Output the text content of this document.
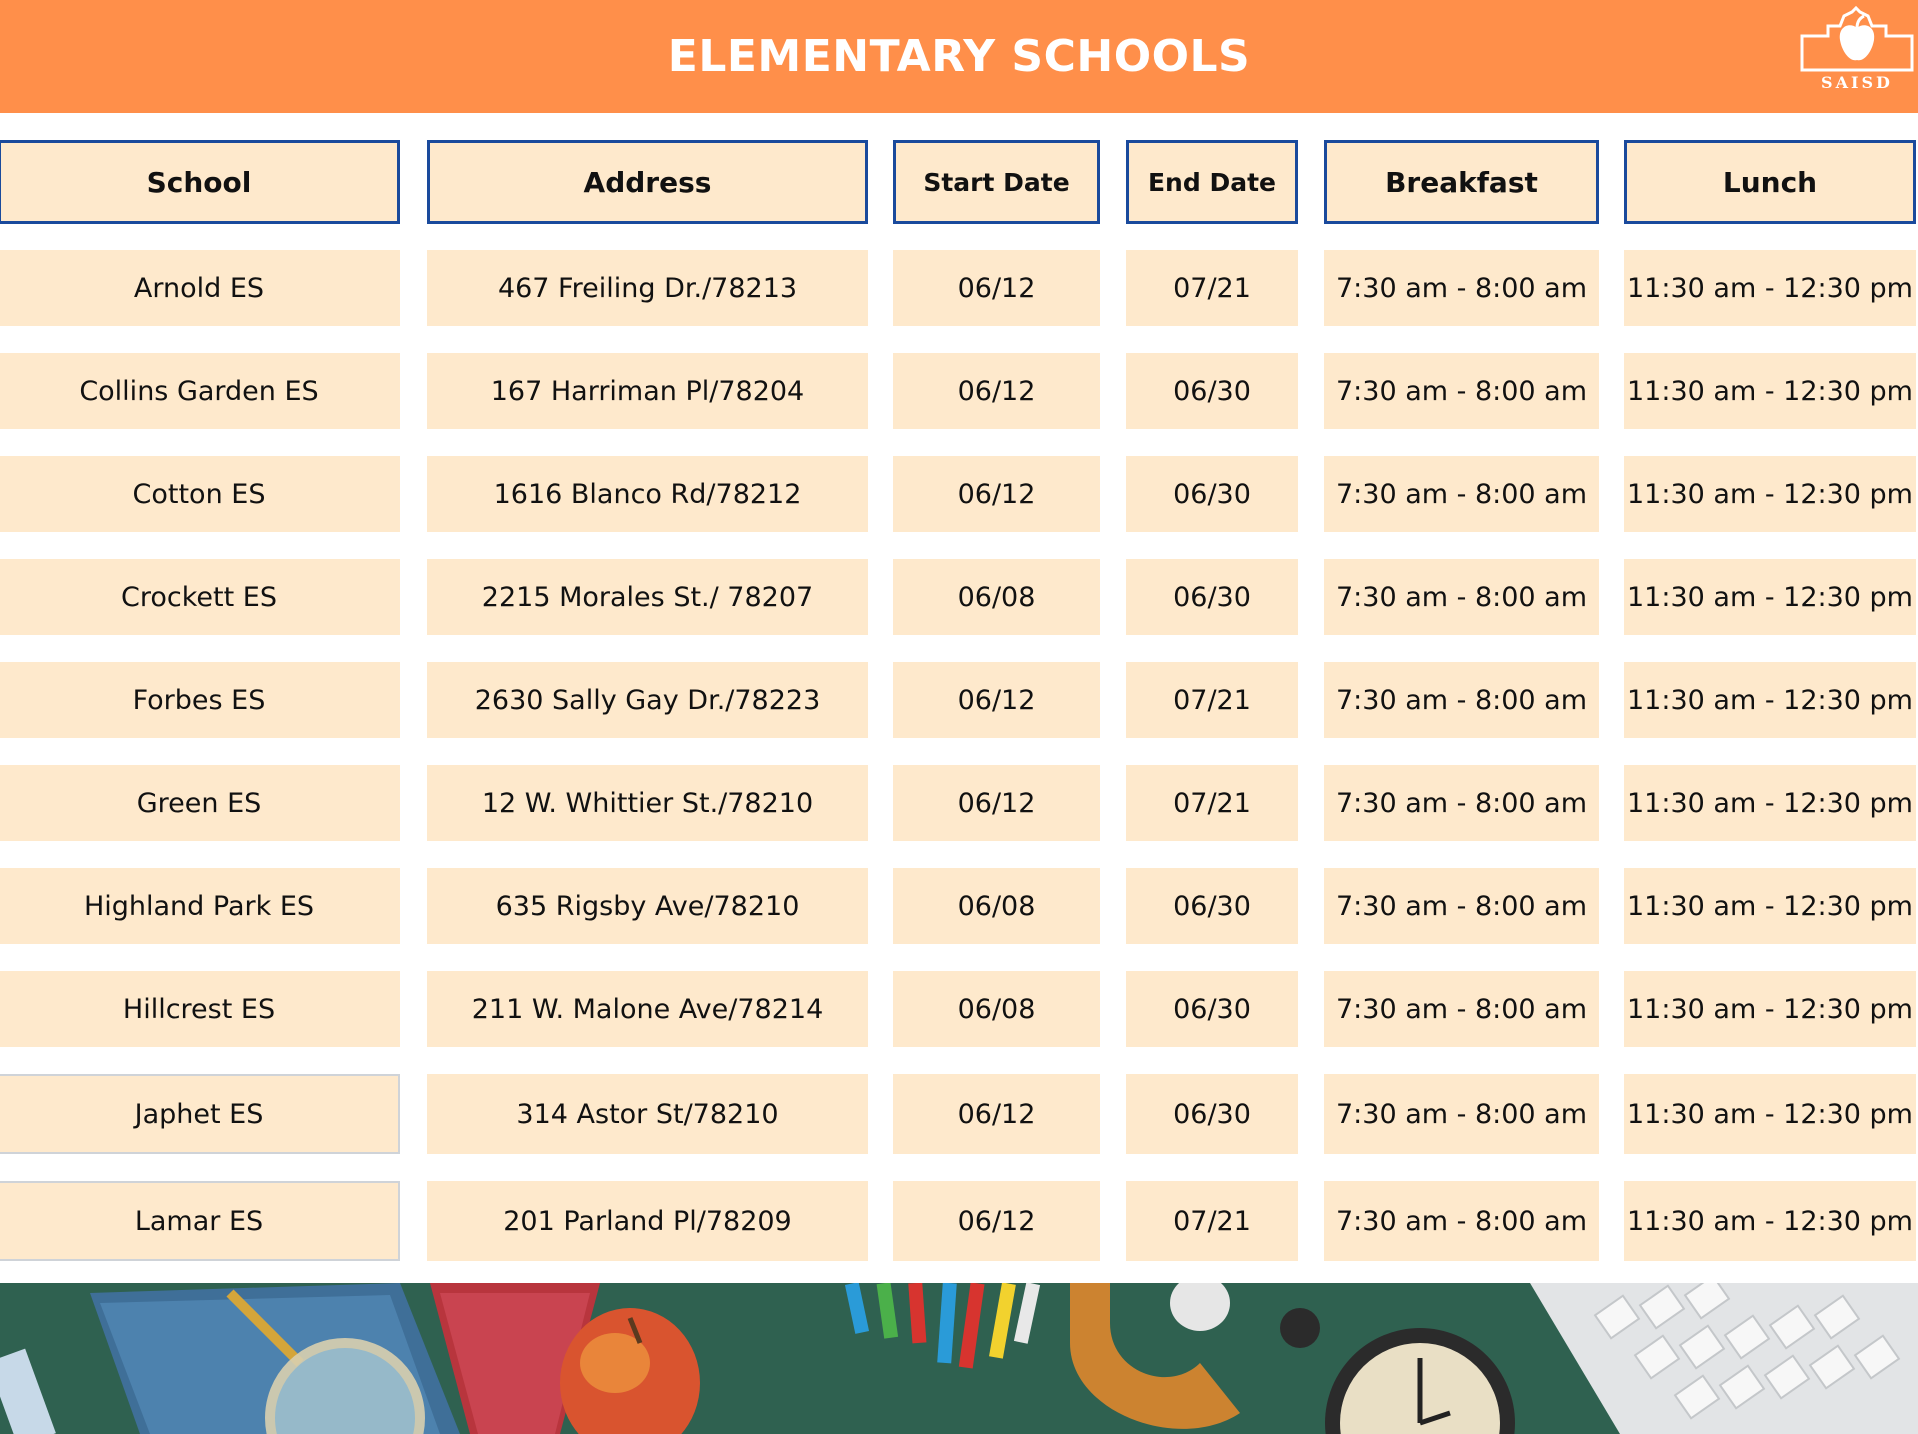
ELEMENTARY SCHOOLS
SAISD
School	Address	Start Date	End Date	Breakfast	Lunch
Arnold ES	467 Freiling Dr./78213	06/12	07/21	7:30 am - 8:00 am	11:30 am - 12:30 pm
Collins Garden ES	167 Harriman Pl/78204	06/12	06/30	7:30 am - 8:00 am	11:30 am - 12:30 pm
Cotton ES	1616 Blanco Rd/78212	06/12	06/30	7:30 am - 8:00 am	11:30 am - 12:30 pm
Crockett ES	2215 Morales St./ 78207	06/08	06/30	7:30 am - 8:00 am	11:30 am - 12:30 pm
Forbes ES	2630 Sally Gay Dr./78223	06/12	07/21	7:30 am - 8:00 am	11:30 am - 12:30 pm
Green ES	12 W. Whittier St./78210	06/12	07/21	7:30 am - 8:00 am	11:30 am - 12:30 pm
Highland Park ES	635 Rigsby Ave/78210	06/08	06/30	7:30 am - 8:00 am	11:30 am - 12:30 pm
Hillcrest ES	211 W. Malone Ave/78214	06/08	06/30	7:30 am - 8:00 am	11:30 am - 12:30 pm
Japhet ES	314 Astor St/78210	06/12	06/30	7:30 am - 8:00 am	11:30 am - 12:30 pm
Lamar ES	201 Parland Pl/78209	06/12	07/21	7:30 am - 8:00 am	11:30 am - 12:30 pm
